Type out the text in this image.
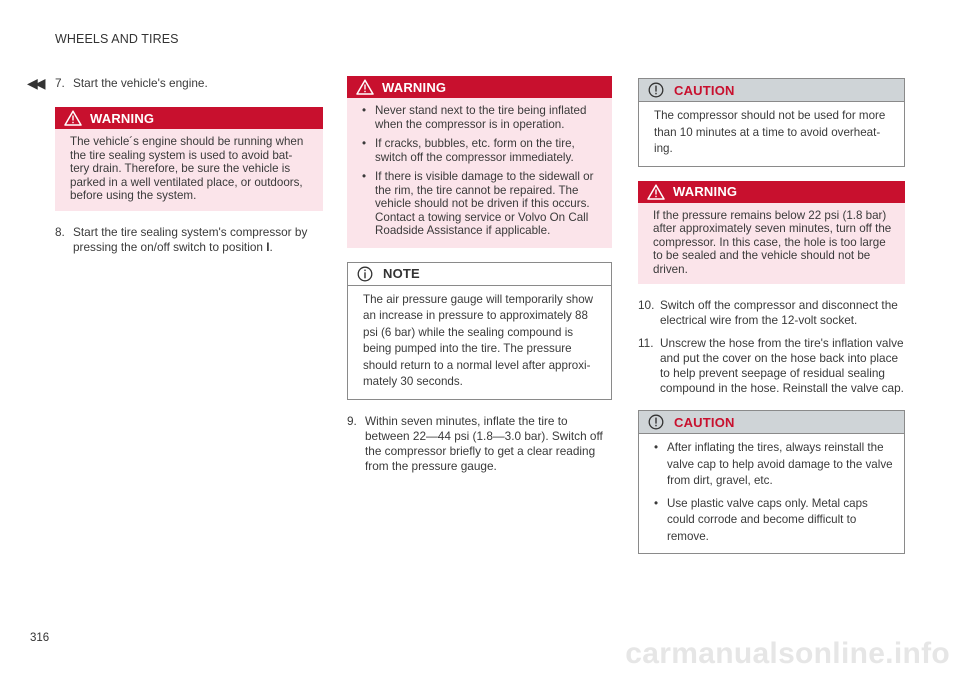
WHEELS AND TIRES
◀◀ 7. Start the vehicle's engine.

WARNING
The vehicle´s engine should be running when the tire sealing system is used to avoid bat- tery drain. Therefore, be sure the vehicle is parked in a well ventilated place, or outdoors, before using the system.

8. Start the tire sealing system's compressor by pressing the on/off switch to position I.

WARNING
• Never stand next to the tire being inflated when the compressor is in operation.
• If cracks, bubbles, etc. form on the tire, switch off the compressor immediately.
• If there is visible damage to the sidewall or the rim, the tire cannot be repaired. The vehicle should not be driven if this occurs. Contact a towing service or Volvo On Call Roadside Assistance if applicable.
NOTE
The air pressure gauge will temporarily show an increase in pressure to approximately 88 psi (6 bar) while the sealing compound is being pumped into the tire. The pressure should return to a normal level after approxi- mately 30 seconds.

9. Within seven minutes, inflate the tire to between 22—44 psi (1.8—3.0 bar). Switch off the compressor briefly to get a clear reading from the pressure gauge.

CAUTION
The compressor should not be used for more than 10 minutes at a time to avoid overheat- ing.
WARNING
If the pressure remains below 22 psi (1.8 bar) after approximately seven minutes, turn off the compressor. In this case, the hole is too large to be sealed and the vehicle should not be driven.

10. Switch off the compressor and disconnect the electrical wire from the 12-volt socket.

11. Unscrew the hose from the tire's inflation valve and put the cover on the hose back into place to help prevent seepage of residual sealing compound in the hose. Reinstall the valve cap.

CAUTION
• After inflating the tires, always reinstall the valve cap to help avoid damage to the valve from dirt, gravel, etc.
• Use plastic valve caps only. Metal caps could corrode and become difficult to remove.
316	carmanualsonline.info
